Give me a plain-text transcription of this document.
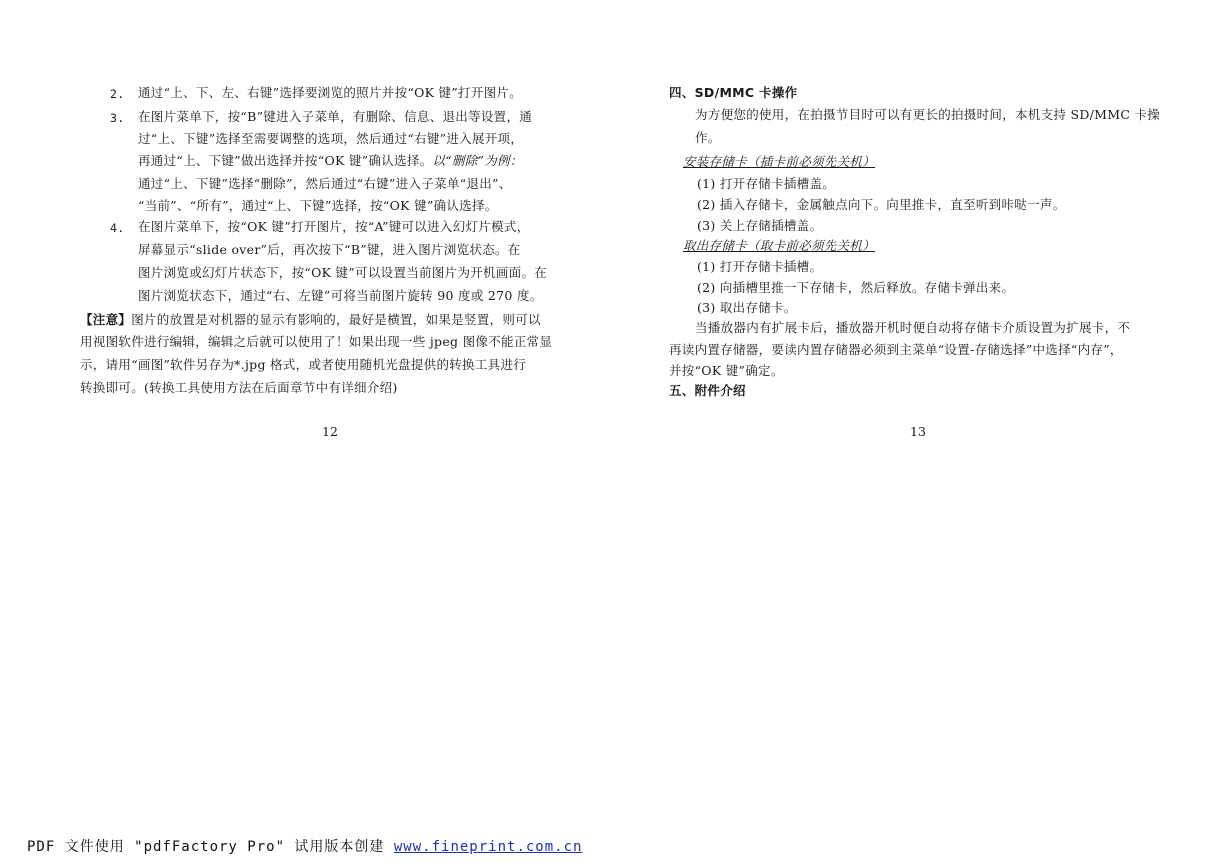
2. 通过“上、下、左、右键”选择要浏览的照片并按“OK 键”打开图片。
3. 在图片菜单下，按“B”键进入子菜单，有删除、信息、退出等设置，通
过“上、下键”选择至需要调整的选项，然后通过“右键”进入展开项，
再通过“上、下键”做出选择并按“OK 键”确认选择。以“删除”为例：
通过“上、下键”选择“删除”，然后通过“右键”进入子菜单“退出”、
“当前”、“所有”，通过“上、下键”选择，按“OK 键”确认选择。
4. 在图片菜单下，按“OK 键”打开图片，按“A”键可以进入幻灯片模式，
屏幕显示“slide over”后，再次按下“B”键，进入图片浏览状态。在
图片浏览或幻灯片状态下，按“OK 键”可以设置当前图片为开机画面。在
图片浏览状态下，通过“右、左键”可将当前图片旋转 90 度或 270 度。
【注意】图片的放置是对机器的显示有影响的，最好是横置，如果是竖置，则可以
用视图软件进行编辑，编辑之后就可以使用了！如果出现一些 jpeg 图像不能正常显
示，请用“画图”软件另存为*.jpg 格式，或者使用随机光盘提供的转换工具进行
转换即可。(转换工具使用方法在后面章节中有详细介绍)
12
四、SD/MMC 卡操作
为方便您的使用，在拍摄节目时可以有更长的拍摄时间，本机支持 SD/MMC 卡操
作。
安装存储卡（插卡前必须先关机）
(1) 打开存储卡插槽盖。
(2) 插入存储卡，金属触点向下。向里推卡，直至听到咔哒一声。
(3) 关上存储插槽盖。
取出存储卡（取卡前必须先关机）
(1) 打开存储卡插槽。
(2) 向插槽里推一下存储卡，然后释放。存储卡弹出来。
(3) 取出存储卡。
当播放器内有扩展卡后，播放器开机时便自动将存储卡介质设置为扩展卡，不
再读内置存储器，要读内置存储器必须到主菜单“设置-存储选择”中选择“内存”，
并按“OK 键”确定。
五、附件介绍
13
PDF 文件使用 "pdfFactory Pro" 试用版本创建 www.fineprint.com.cn
